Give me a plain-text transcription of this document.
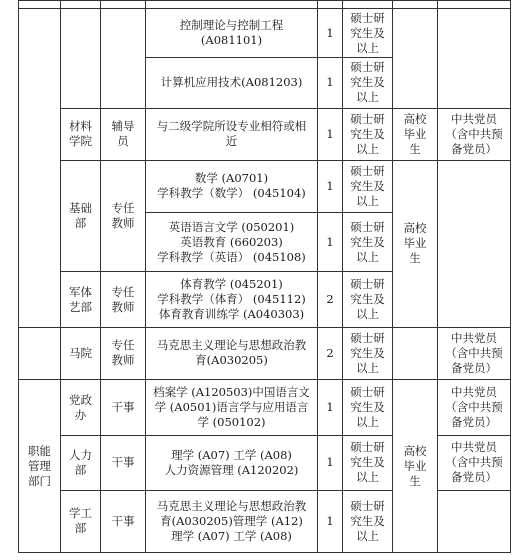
			控制理论与控制工程
(A081101)	1	硕士研
究生及
以上		

			计算机应用技术(A081203)	1	硕士研
究生及
以上		

	材料
学院	辅导
员	与二级学院所设专业相符或相
近	1	硕士研
究生及
以上	高校
毕业
生	中共党员
（含中共预
备党员）

	基础
部	专任
教师	数学 (A0701)
学科教学（数学） (045104)	1	硕士研
究生及
以上	高校
毕业
生	

			英语语言文学 (050201)
英语教育 (660203)
学科教学（英语） (045108)	1	硕士研
究生及
以上		

	军体
艺部	专任
教师	体育教学 (045201)
学科教学（体育） (045112)
体育教育训练学 (A040303)	2	硕士研
究生及
以上		

	马院	专任
教师	马克思主义理论与思想政治教
育(A030205)	2	硕士研
究生及
以上		中共党员
（含中共预
备党员）

职能
管理
部门	党政
办	干事	档案学 (A120503)中国语言文
学 (A0501)语言学与应用语言
学 (050102)	1	硕士研
究生及
以上	高校
毕业
生	中共党员
（含中共预
备党员）

	人力
部	干事	理学 (A07) 工学 (A08)
人力资源管理 (A120202)	1	硕士研
究生及
以上		中共党员
（含中共预
备党员）

	学工
部	干事	马克思主义理论与思想政治教
育(A030205)管理学 (A12)
理学 (A07) 工学 (A08)	1	硕士研
究生及
以上		
